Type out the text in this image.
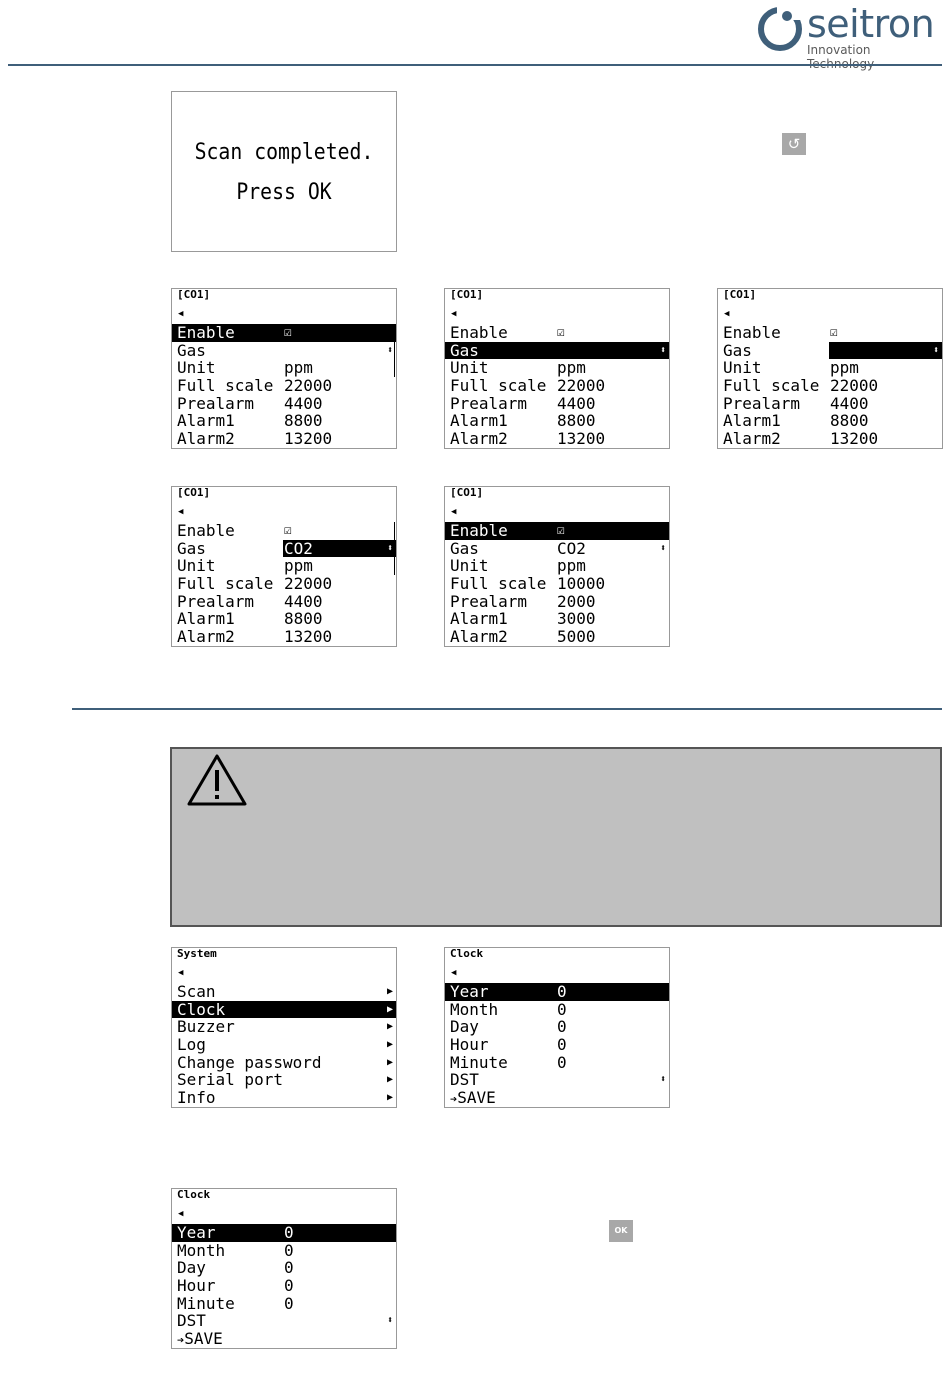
seitron
Innovation
Scan completed.
Press OK
↺
[CO1]
◀
Enable	☑
Gas	⬍
Unit	ppm
Full scale 22000
Prealarm 4400
Alarm1	8800
Alarm2	13200
[CO1]
◀
Enable	☑
Gas	⬍
Unit	ppm
Full scale 22000
Prealarm 4400
Alarm1	8800
Alarm2	13200
[CO1]
◀
Enable	☑
Gas	⬍
Unit	ppm
Full scale 22000
Prealarm 4400
Alarm1	8800
Alarm2	13200
[CO1]
◀
Enable	☑
Gas	CO2	⬍
Unit	ppm
Full scale 22000
Prealarm 4400
Alarm1	8800
Alarm2	13200
[CO1]
◀
Enable	☑
Gas	CO2	⬍
Unit	ppm
Full scale 10000
Prealarm 2000
Alarm1	3000
Alarm2	5000
System
◀
Scan	▶
Clock	▶
Buzzer	▶
Log	▶
Change password	▶
Serial port	▶
Info	▶
Clock
◀
Year	0
Month	0
Day	0
Hour	0
Minute	0
DST	⬍
➔SAVE
Clock
◀
Year	0
Month	0
Day	0
Hour	0
Minute	0
DST	⬍
➔SAVE
OK
